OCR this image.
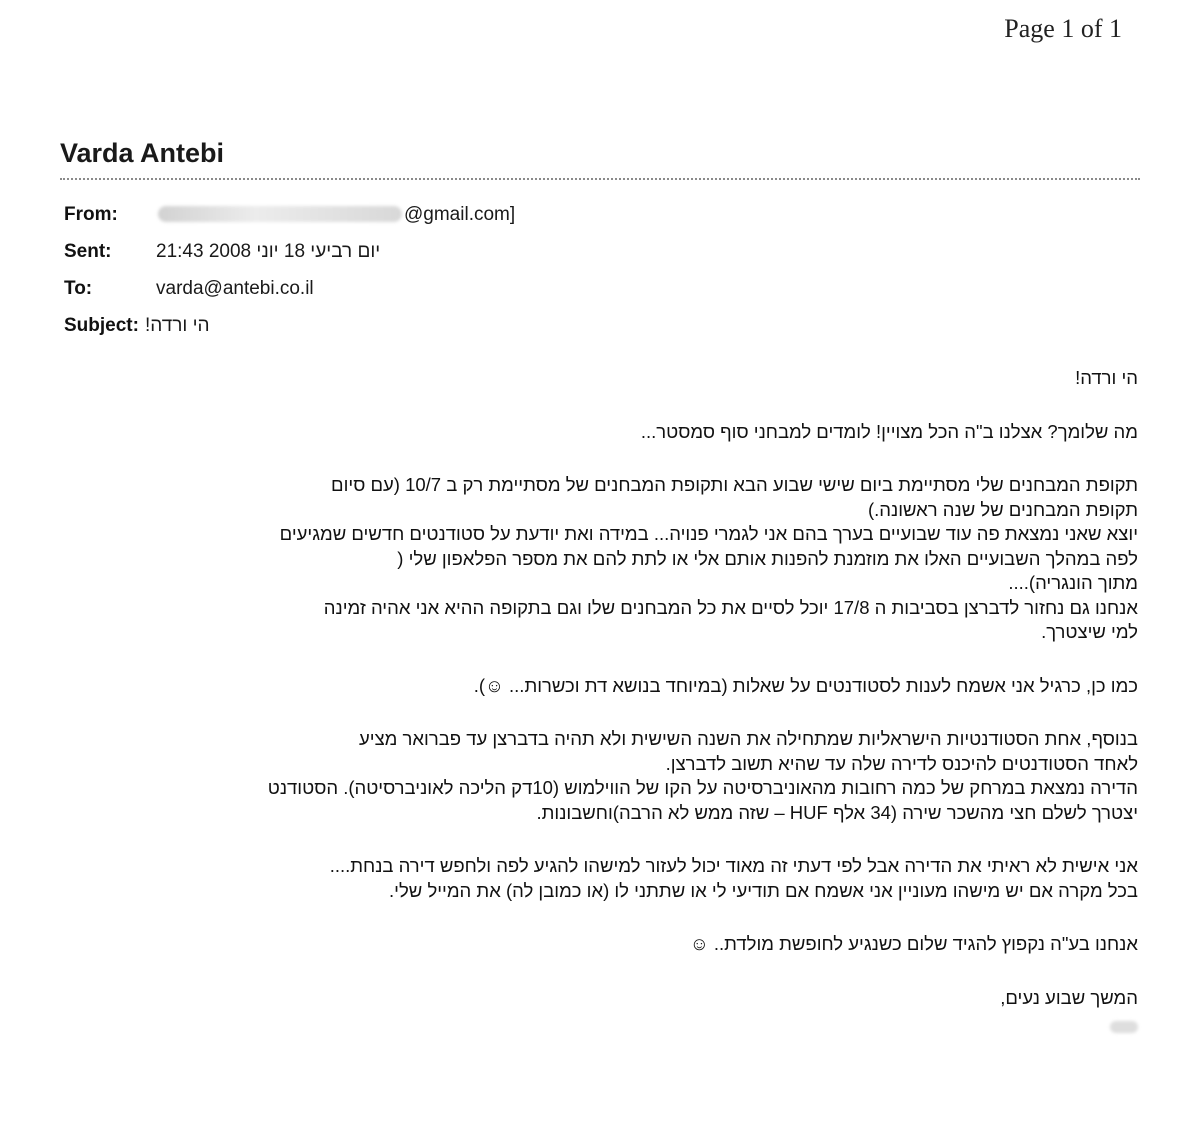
Page 1 of 1
Varda Antebi
From:	@gmail.com]
Sent:	יום רביעי 18 יוני 2008 21:43
To:	varda@antebi.co.il
Subject: הי ורדה!

הי ורדה!

מה שלומך? אצלנו ב"ה הכל מצויין! לומדים למבחני סוף סמסטר...

תקופת המבחנים שלי מסתיימת ביום שישי שבוע הבא ותקופת המבחנים של מסתיימת רק ב 10/7 (עם סיום
תקופת המבחנים של שנה ראשונה.)
יוצא שאני נמצאת פה עוד שבועיים בערך בהם אני לגמרי פנויה... במידה ואת יודעת על סטודנטים חדשים שמגיעים
לפה במהלך השבועיים האלו את מוזמנת להפנות אותם אלי או לתת להם את מספר הפלאפון שלי (
מתוך הונגריה)....
אנחנו גם נחזור לדברצן בסביבות ה 17/8 יוכל לסיים את כל המבחנים שלו וגם בתקופה ההיא אני אהיה זמינה
למי שיצטרך.

כמו כן, כרגיל אני אשמח לענות לסטודנטים על שאלות (במיוחד בנושא דת וכשרות... ☺).

בנוסף, אחת הסטודנטיות הישראליות שמתחילה את השנה השישית ולא תהיה בדברצן עד פברואר מציע
לאחד הסטודנטים להיכנס לדירה שלה עד שהיא תשוב לדברצן.
הדירה נמצאת במרחק של כמה רחובות מהאוניברסיטה על הקו של הווילמוש (10דק הליכה לאוניברסיטה). הסטודנט
יצטרך לשלם חצי מהשכר שירה (34 אלף HUF – שזה ממש לא הרבה)וחשבונות.

אני אישית לא ראיתי את הדירה אבל לפי דעתי זה מאוד יכול לעזור למישהו להגיע לפה ולחפש דירה בנחת....
בכל מקרה אם יש מישהו מעוניין אני אשמח אם תודיעי לי או שתתני לו (או כמובן לה) את המייל שלי.

אנחנו בע"ה נקפוץ להגיד שלום כשנגיע לחופשת מולדת.. ☺

המשך שבוע נעים,
